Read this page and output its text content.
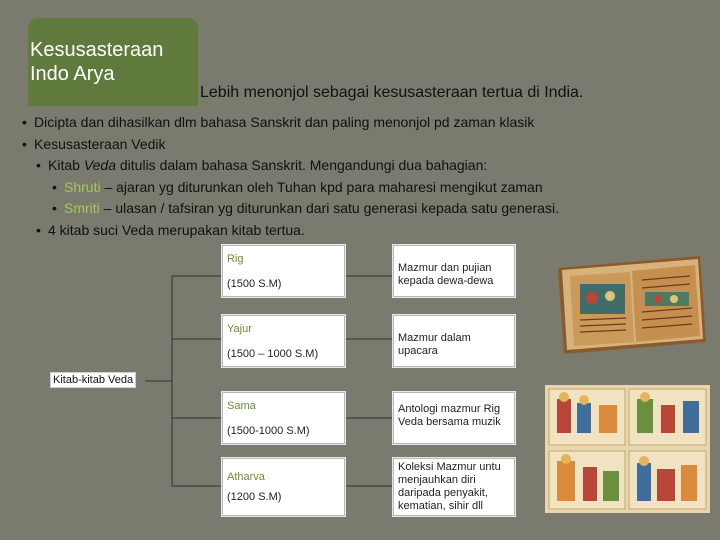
Kesusasteraan
Indo Arya
Lebih menonjol sebagai kesusasteraan tertua di India.
• Dicipta dan dihasilkan dlm bahasa Sanskrit dan paling menonjol pd zaman klasik
• Kesusasteraan Vedik
• Kitab Veda ditulis dalam bahasa Sanskrit. Mengandungi dua bahagian:
• Shruti – ajaran yg diturunkan oleh Tuhan kpd para maharesi mengikut zaman
• Smriti – ulasan / tafsiran yg diturunkan dari satu generasi kepada satu generasi.
• 4 kitab suci Veda merupakan kitab tertua.
Kitab-kitab Veda
Rig
(1500 S.M)
Yajur
(1500 – 1000 S.M)
Sama
(1500-1000 S.M)
Atharva
(1200 S.M)
Mazmur dan pujian kepada dewa-dewa
Mazmur dalam upacara
Antologi mazmur Rig Veda bersama muzik
Koleksi Mazmur untu menjauhkan diri daripada penyakit, kematian, sihir dll
